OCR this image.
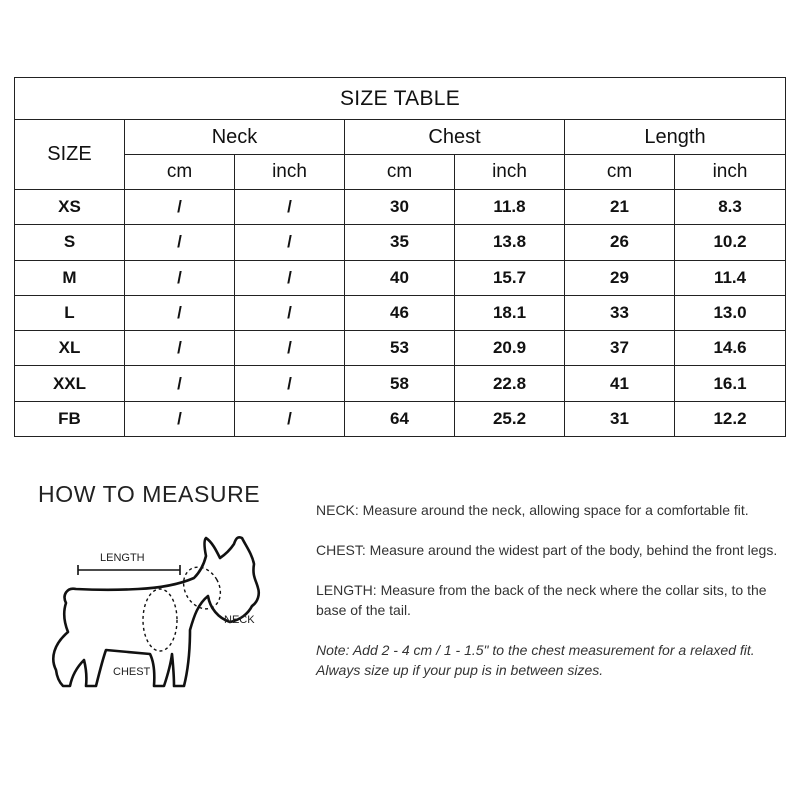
SIZE TABLE						
SIZE	Neck		Chest		Length	
	cm	inch	cm	inch	cm	inch
XS	/	/	30	11.8	21	8.3
S	/	/	35	13.8	26	10.2
M	/	/	40	15.7	29	11.4
L	/	/	46	18.1	33	13.0
XL	/	/	53	20.9	37	14.6
XXL	/	/	58	22.8	41	16.1
FB	/	/	64	25.2	31	12.2
HOW TO MEASURE
LENGTH
NECK
CHEST

NECK: Measure around the neck, allowing space for a comfortable fit.

CHEST: Measure around the widest part of the body, behind the front legs.

LENGTH: Measure from the back of the neck where the collar sits, to the base of the tail.

Note: Add 2 - 4 cm / 1 - 1.5" to the chest measurement for a relaxed fit. Always size up if your pup is in between sizes.
